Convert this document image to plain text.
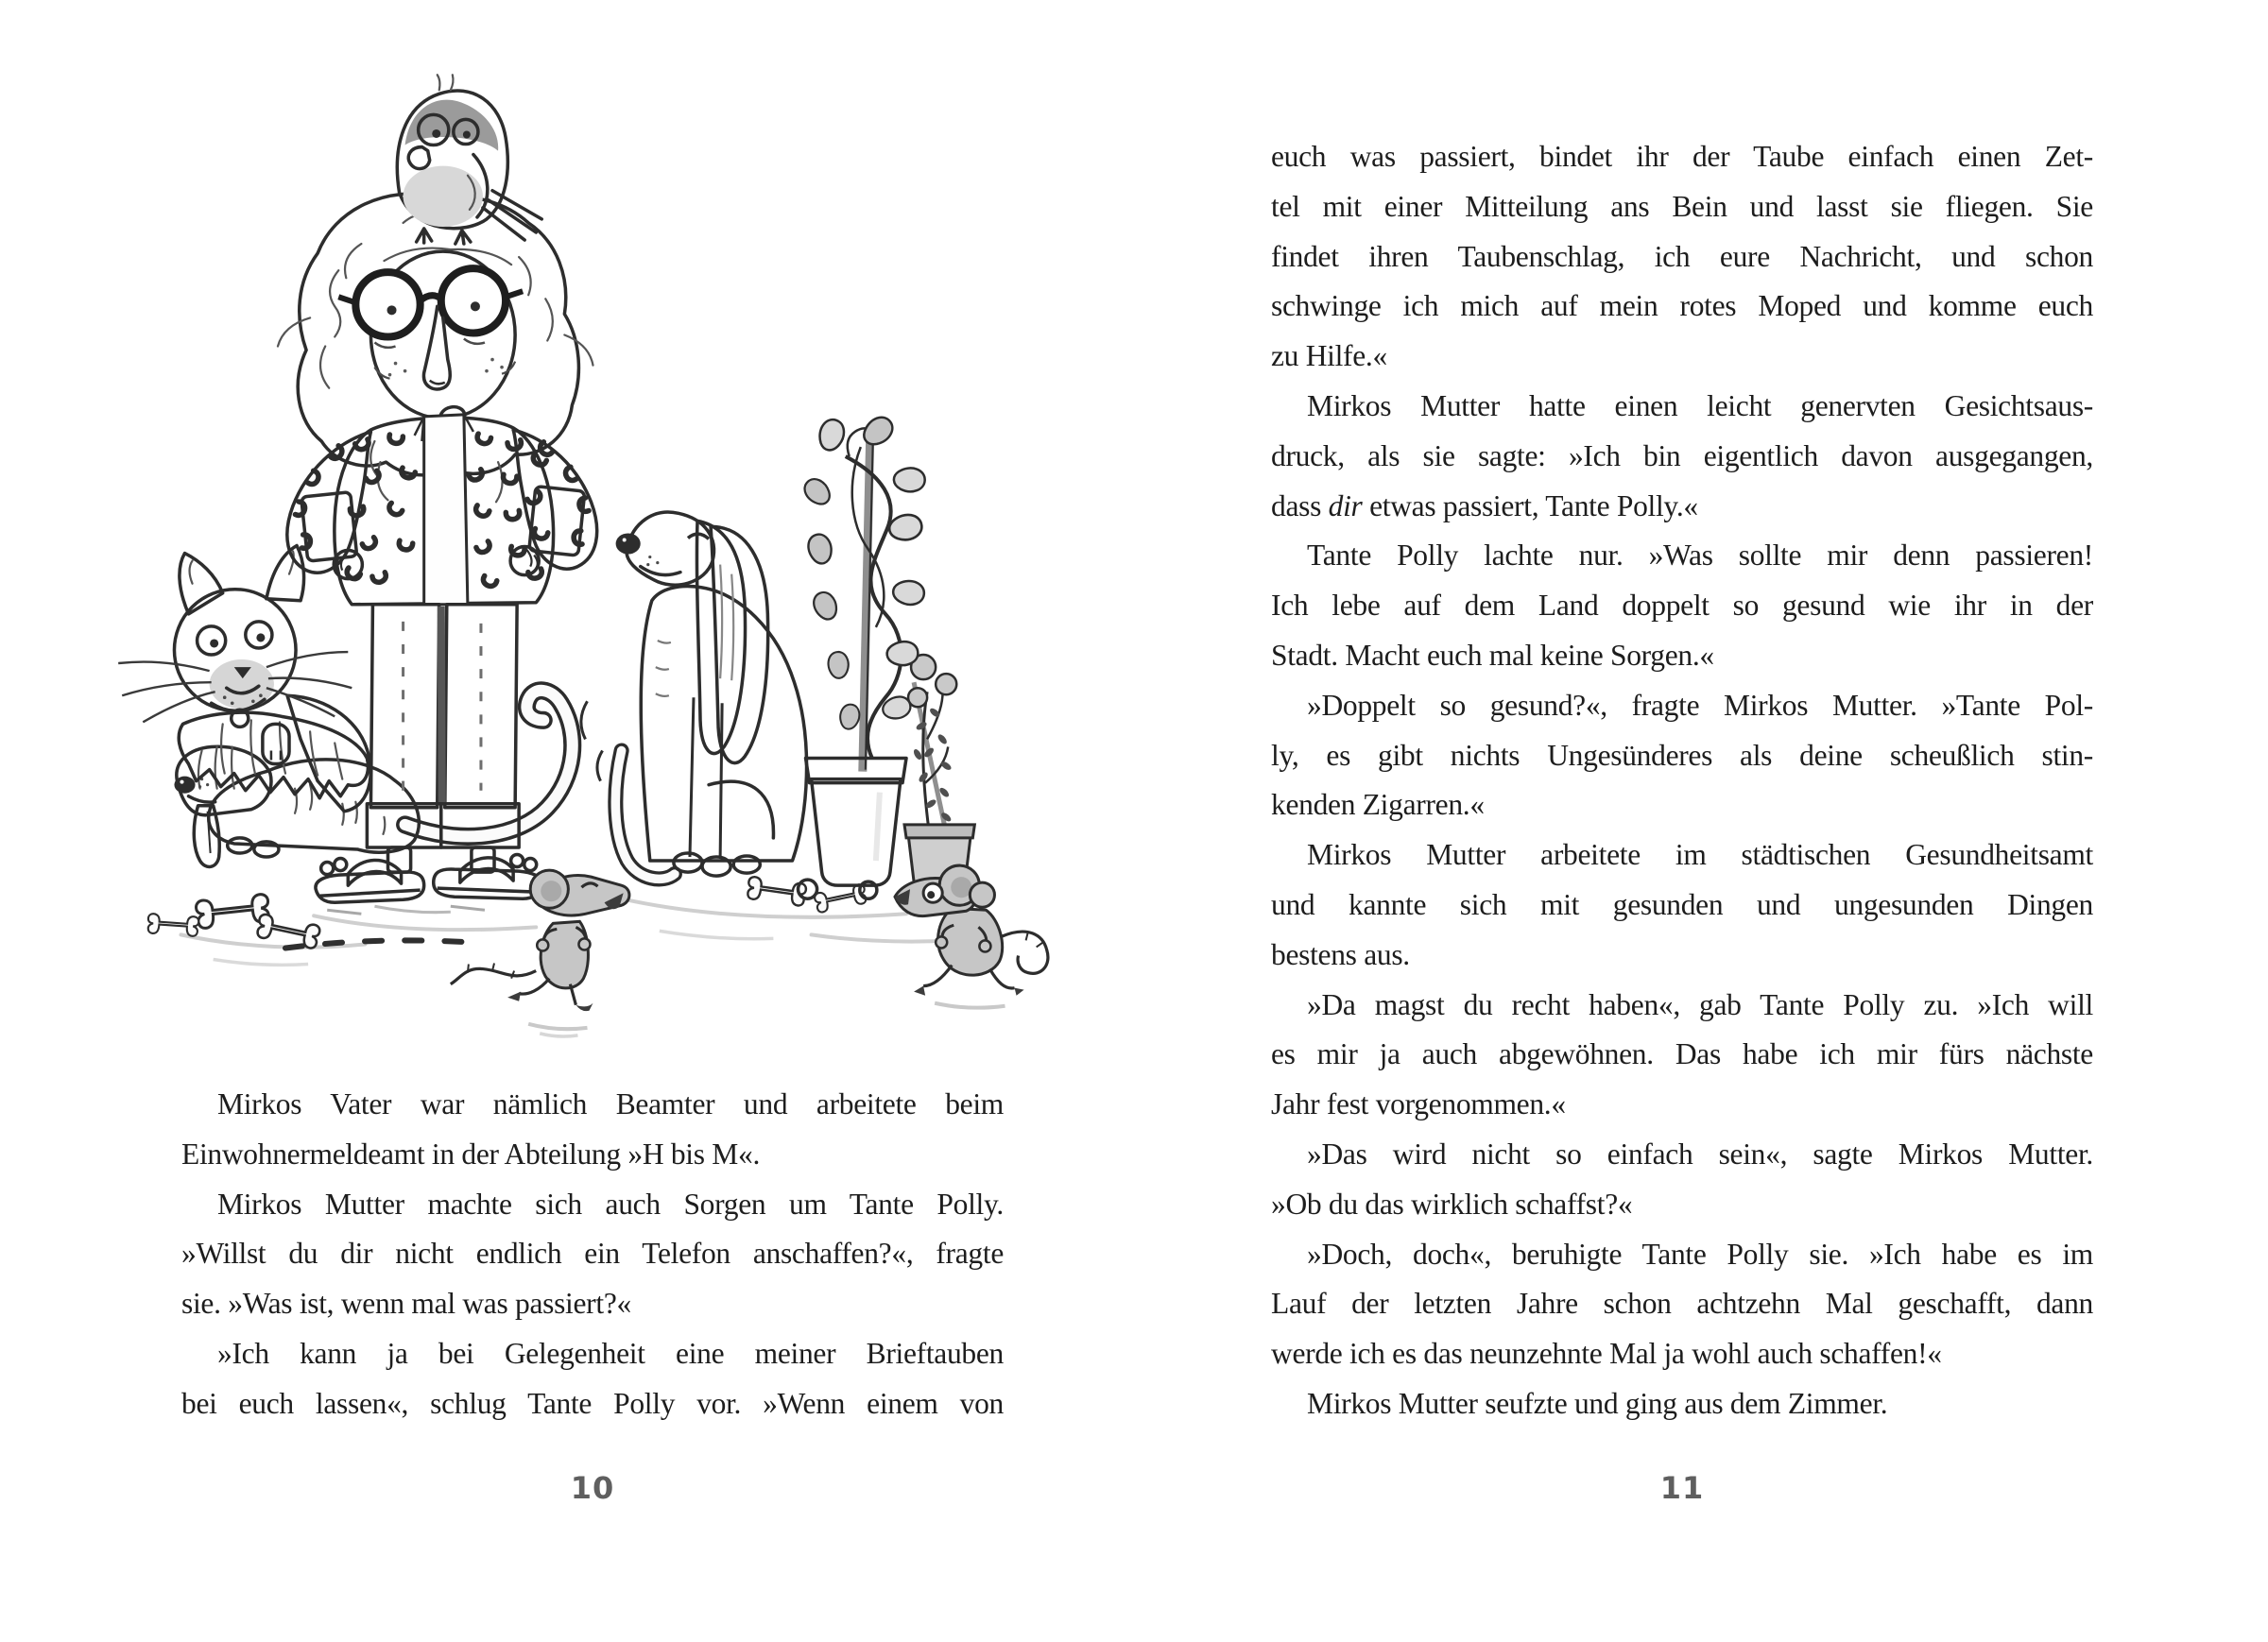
Mirkos Vater war nämlich Beamter und arbeitete beim
Einwohnermeldeamt in der Abteilung »H bis M«.
Mirkos Mutter machte sich auch Sorgen um Tante Polly.
»Willst du dir nicht endlich ein Telefon anschaffen?«, fragte
sie. »Was ist, wenn mal was passiert?«
»Ich kann ja bei Gelegenheit eine meiner Brieftauben
bei euch lassen«, schlug Tante Polly vor. »Wenn einem von
10
euch was passiert, bindet ihr der Taube einfach einen Zet-
tel mit einer Mitteilung ans Bein und lasst sie fliegen. Sie
findet ihren Taubenschlag, ich eure Nachricht, und schon
schwinge ich mich auf mein rotes Moped und komme euch
zu Hilfe.«
Mirkos Mutter hatte einen leicht genervten Gesichtsaus-
druck, als sie sagte: »Ich bin eigentlich davon ausgegangen,
dass dir etwas passiert, Tante Polly.«
Tante Polly lachte nur. »Was sollte mir denn passieren!
Ich lebe auf dem Land doppelt so gesund wie ihr in der
Stadt. Macht euch mal keine Sorgen.«
»Doppelt so gesund?«, fragte Mirkos Mutter. »Tante Pol-
ly, es gibt nichts Ungesünderes als deine scheußlich stin-
kenden Zigarren.«
Mirkos Mutter arbeitete im städtischen Gesundheitsamt
und kannte sich mit gesunden und ungesunden Dingen
bestens aus.
»Da magst du recht haben«, gab Tante Polly zu. »Ich will
es mir ja auch abgewöhnen. Das habe ich mir fürs nächste
Jahr fest vorgenommen.«
»Das wird nicht so einfach sein«, sagte Mirkos Mutter.
»Ob du das wirklich schaffst?«
»Doch, doch«, beruhigte Tante Polly sie. »Ich habe es im
Lauf der letzten Jahre schon achtzehn Mal geschafft, dann
werde ich es das neunzehnte Mal ja wohl auch schaffen!«
Mirkos Mutter seufzte und ging aus dem Zimmer.
11
